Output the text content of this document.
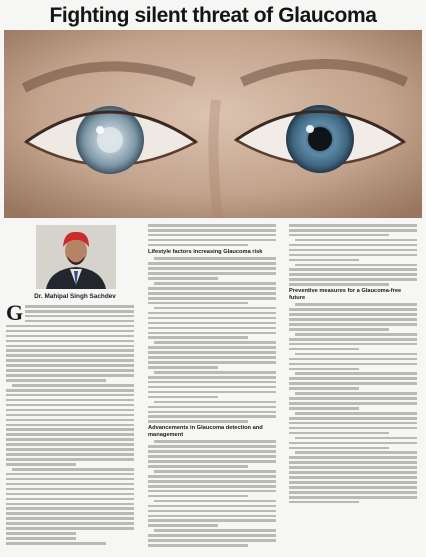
Fighting silent threat of Glaucoma
Dr. Mahipal Singh Sachdev
G
Lifestyle factors increasing Glaucoma risk
Advancements in Glaucoma detection and management
Preventive measures for a Glaucoma-free future
